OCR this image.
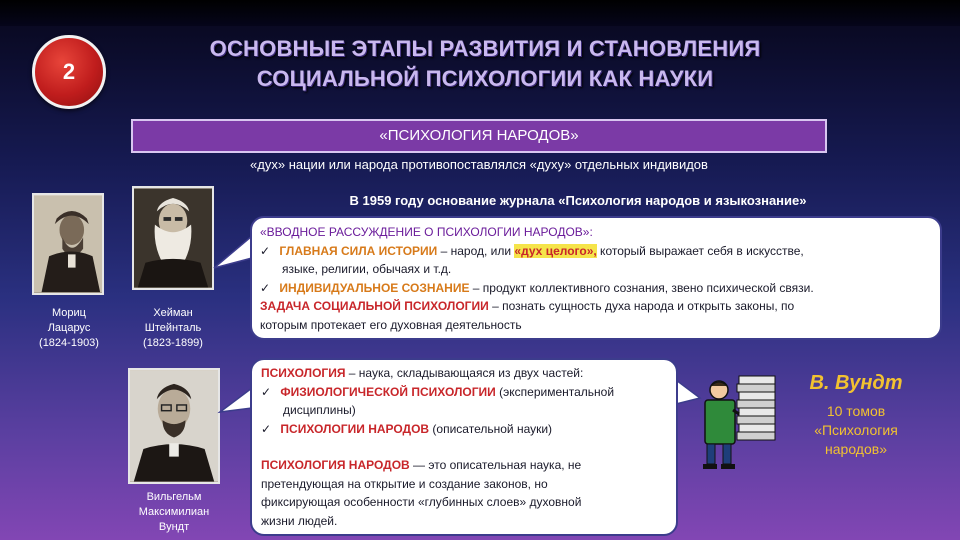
2
ОСНОВНЫЕ ЭТАПЫ РАЗВИТИЯ И СТАНОВЛЕНИЯ
СОЦИАЛЬНОЙ ПСИХОЛОГИИ КАК НАУКИ
«ПСИХОЛОГИЯ НАРОДОВ»
«дух» нации или народа противопоставлялся «духу» отдельных индивидов
В 1959 году основание журнала «Психология народов и языкознание»
Мориц
Лацарус
(1824-1903)
Хейман
Штейнталь
(1823-1899)
Вильгельм
Максимилиан
Вундт
«ВВОДНОЕ РАССУЖДЕНИЕ О ПСИХОЛОГИИ НАРОДОВ»:
✓ ГЛАВНАЯ СИЛА ИСТОРИИ – народ, или «дух целого», который выражает себя в искусстве,
языке, религии, обычаях и т.д.
✓ ИНДИВИДУАЛЬНОЕ СОЗНАНИЕ – продукт коллективного сознания, звено психической связи.
ЗАДАЧА СОЦИАЛЬНОЙ ПСИХОЛОГИИ – познать сущность духа народа и открыть законы, по
которым протекает его духовная деятельность
ПСИХОЛОГИЯ – наука, складывающаяся из двух частей:
✓ ФИЗИОЛОГИЧЕСКОЙ ПСИХОЛОГИИ (экспериментальной
дисциплины)
✓ ПСИХОЛОГИИ НАРОДОВ (описательной науки)
ПСИХОЛОГИЯ НАРОДОВ — это описательная наука, не
претендующая на открытие и создание законов, но
фиксирующая особенности «глубинных слоев» духовной
жизни людей.
В. Вундт
10 томов
«Психология
народов»
